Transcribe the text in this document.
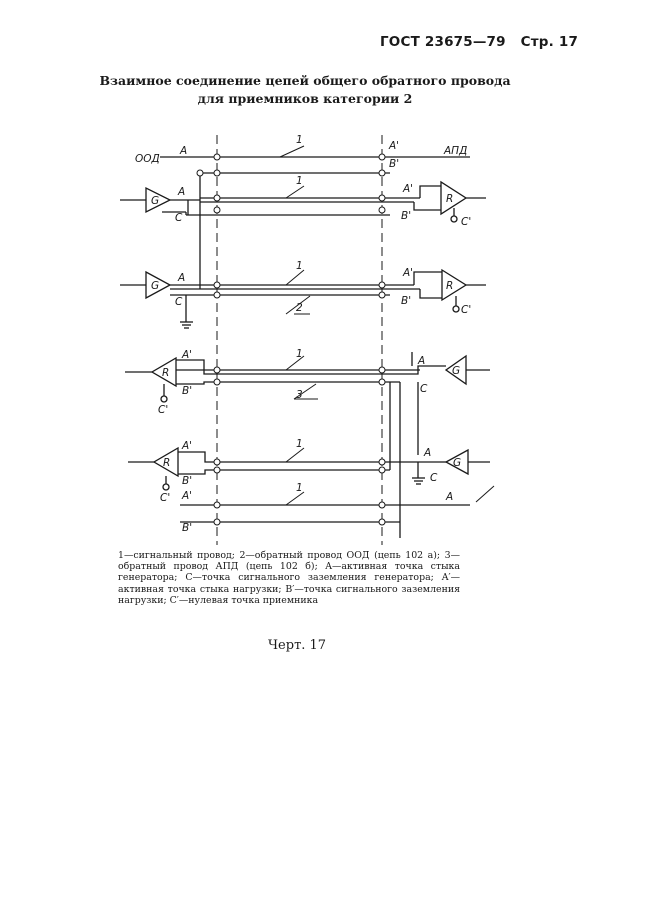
ГОСТ 23675—79 Стр. 17
Взаимное соединение цепей общего обратного провода
для приемников категории 2
ООД
A	A'
B'
АПД
1
G
A
C
1
A'
B'
R
C'
G
A
C
1
2
A'
B'
R
C'
A'
B'
R
C'
1
3
A
C
G
A'
B'
R
C'
1
A
C
G
A'
B'
1
A
1—сигнальный провод; 2—обратный провод ООД (цепь 102 а); 3—обратный провод АПД (цепь 102 б); A—активная точка стыка генератора; C—точка сигнального заземления генератора; A′—активная точка стыка нагрузки; B′—точка сигнального заземления нагрузки; C′—нулевая точка приемника
Черт. 17
